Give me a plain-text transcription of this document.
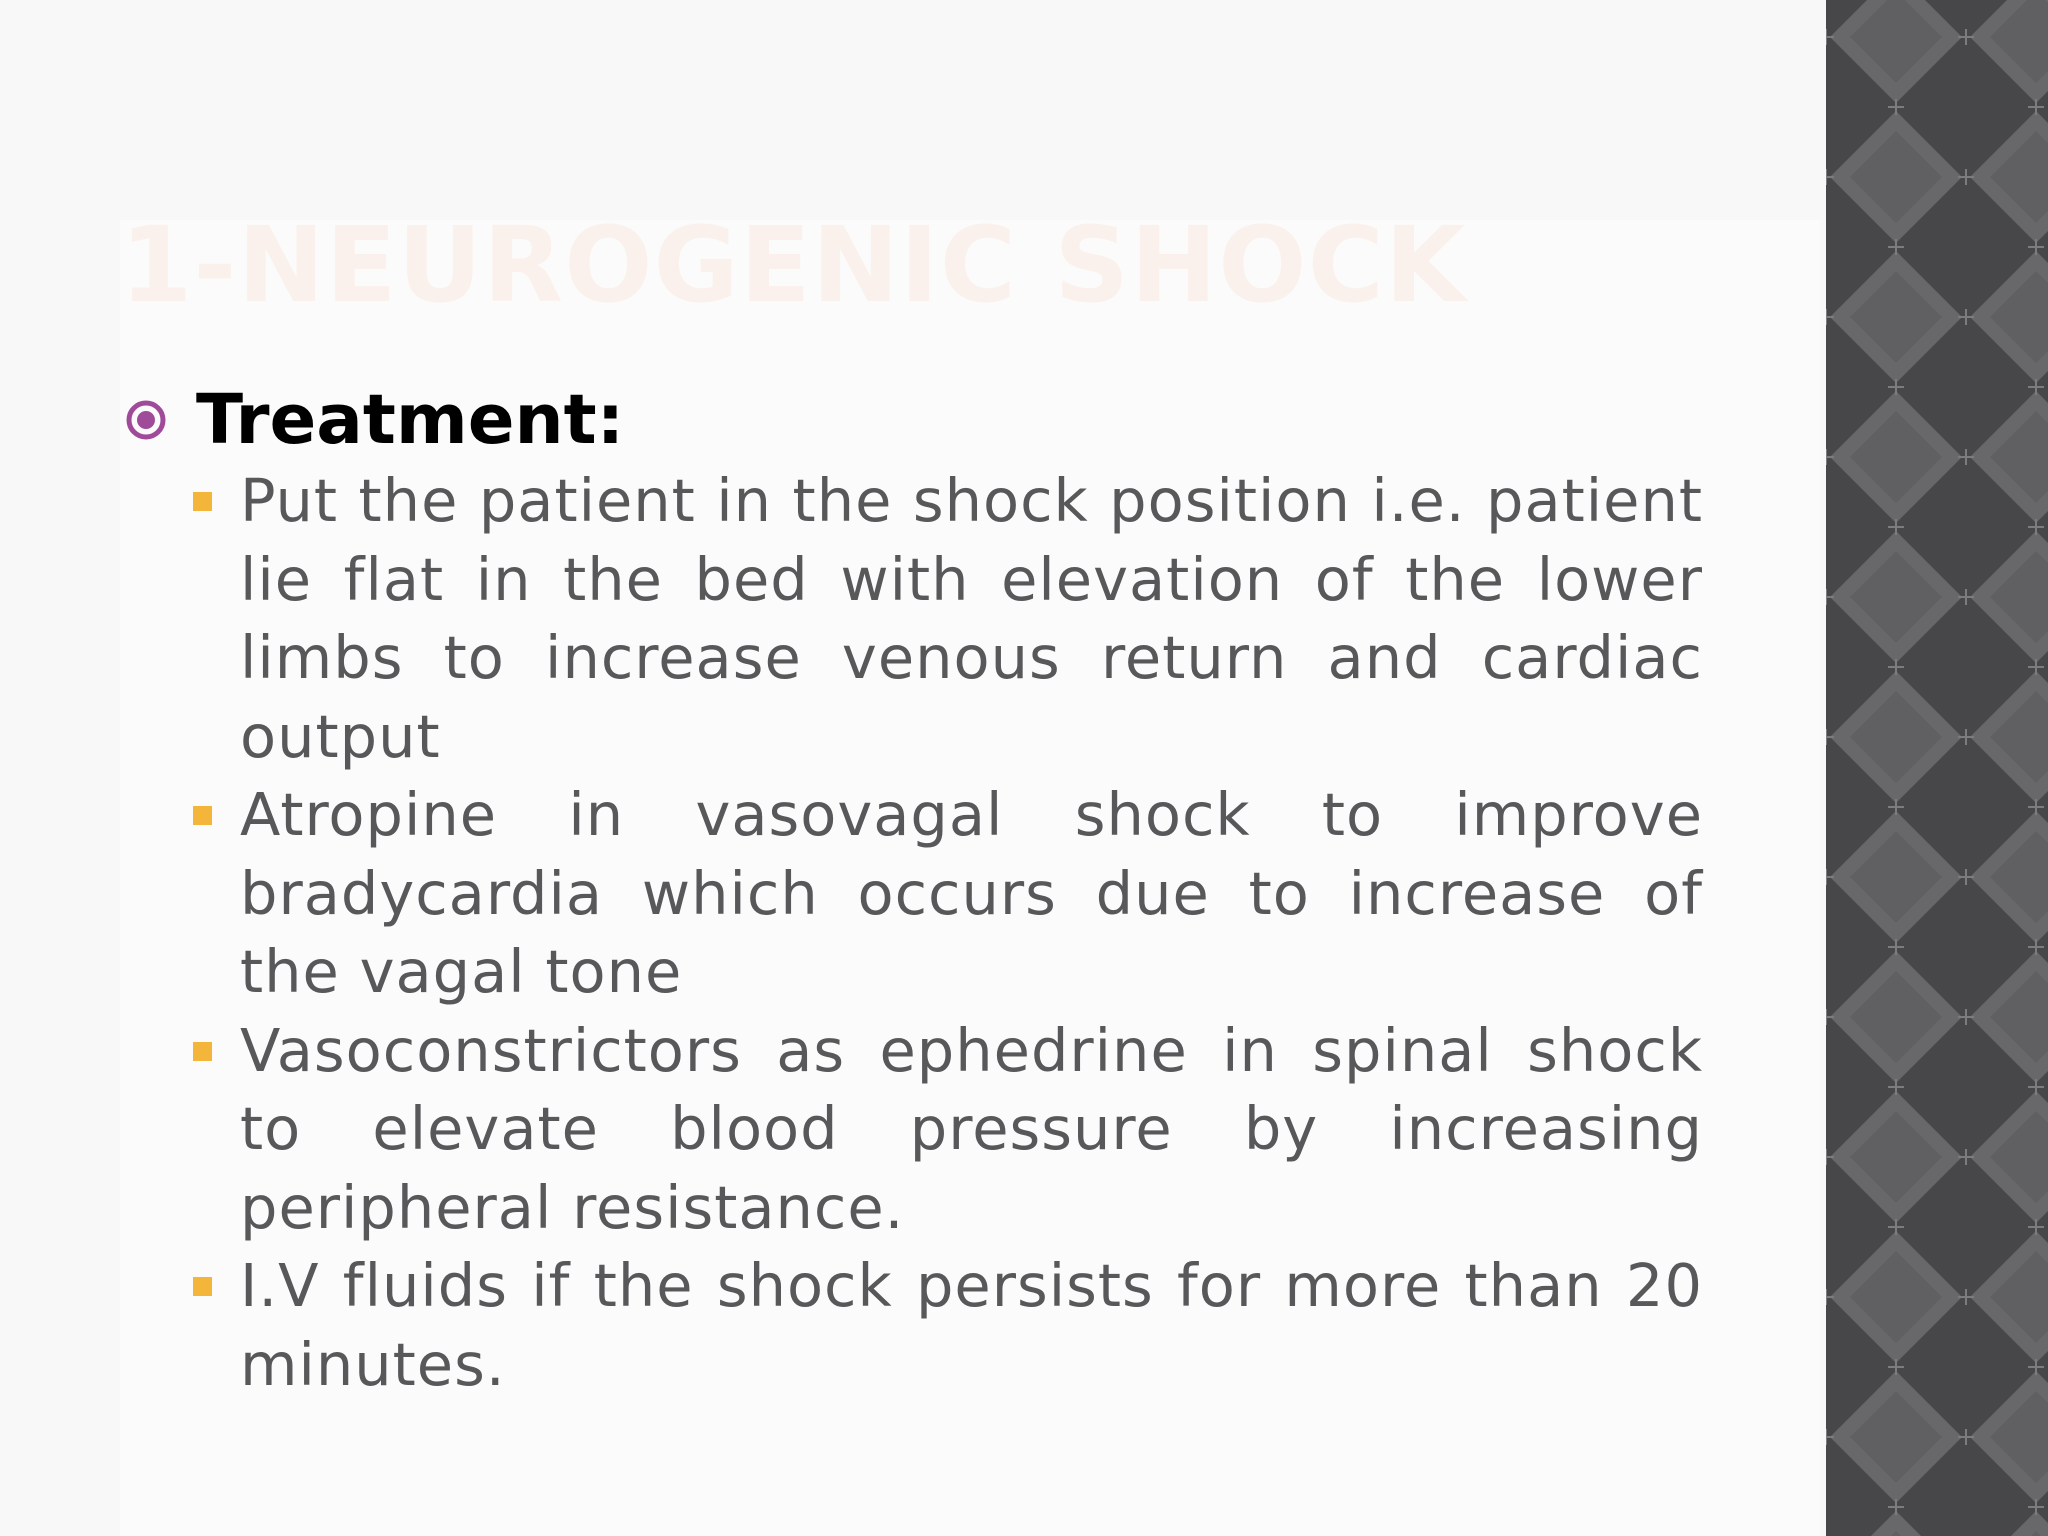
1-NEUROGENIC SHOCK
Treatment:
Put the patient in the shock position i.e. patient lie flat in the bed with elevation of the lower limbs to increase venous return and cardiac output
Atropine in vasovagal shock to improve bradycardia which occurs due to increase of the vagal tone
Vasoconstrictors as ephedrine in spinal shock to elevate blood pressure by increasing peripheral resistance.
I.V fluids if the shock persists for more than 20 minutes.
